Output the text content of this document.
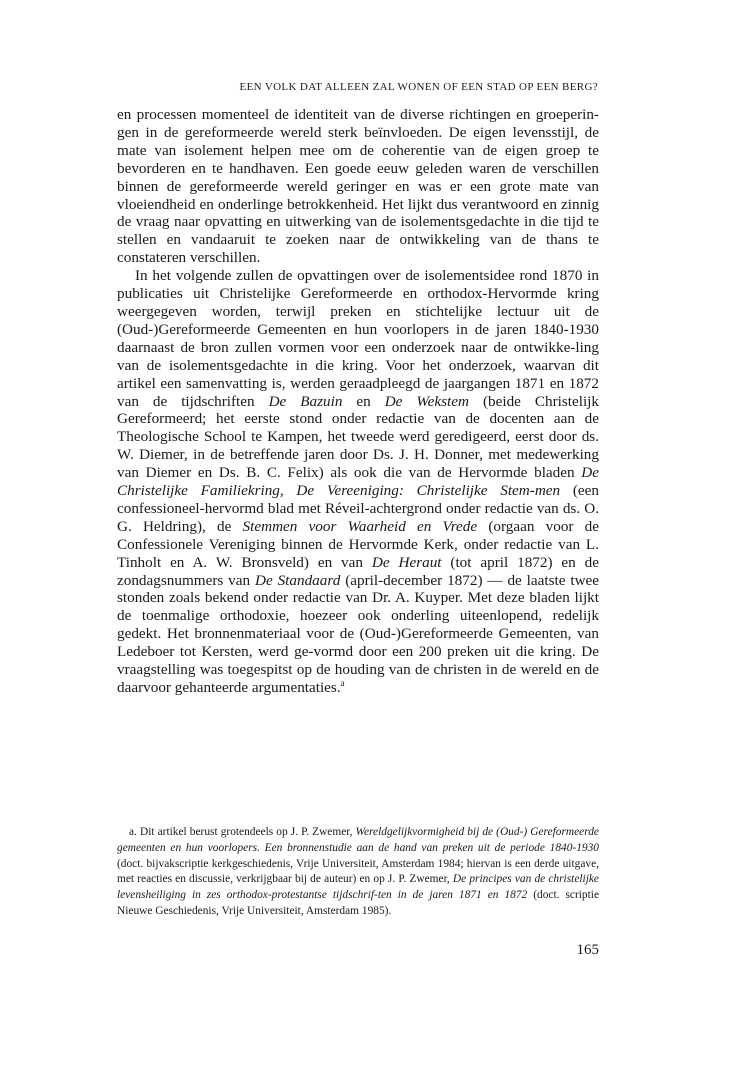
EEN VOLK DAT ALLEEN ZAL WONEN OF EEN STAD OP EEN BERG?

en processen momenteel de identiteit van de diverse richtingen en groeperin-gen in de gereformeerde wereld sterk beïnvloeden. De eigen levensstijl, de mate van isolement helpen mee om de coherentie van de eigen groep te bevorderen en te handhaven. Een goede eeuw geleden waren de verschillen binnen de gereformeerde wereld geringer en was er een grote mate van vloeiendheid en onderlinge betrokkenheid. Het lijkt dus verantwoord en zinnig de vraag naar opvatting en uitwerking van de isolementsgedachte in die tijd te stellen en vandaaruit te zoeken naar de ontwikkeling van de thans te constateren verschillen.

In het volgende zullen de opvattingen over de isolementsidee rond 1870 in publicaties uit Christelijke Gereformeerde en orthodox-Hervormde kring weergegeven worden, terwijl preken en stichtelijke lectuur uit de (Oud-)Gereformeerde Gemeenten en hun voorlopers in de jaren 1840-1930 daarnaast de bron zullen vormen voor een onderzoek naar de ontwikke-ling van de isolementsgedachte in die kring. Voor het onderzoek, waarvan dit artikel een samenvatting is, werden geraadpleegd de jaargangen 1871 en 1872 van de tijdschriften De Bazuin en De Wekstem (beide Christelijk Gereformeerd; het eerste stond onder redactie van de docenten aan de Theologische School te Kampen, het tweede werd geredigeerd, eerst door ds. W. Diemer, in de betreffende jaren door Ds. J. H. Donner, met medewerking van Diemer en Ds. B. C. Felix) als ook die van de Hervormde bladen De Christelijke Familiekring, De Vereeniging: Christelijke Stem-men (een confessioneel-hervormd blad met Réveil-achtergrond onder redactie van ds. O. G. Heldring), de Stemmen voor Waarheid en Vrede (orgaan voor de Confessionele Vereniging binnen de Hervormde Kerk, onder redactie van L. Tinholt en A. W. Bronsveld) en van De Heraut (tot april 1872) en de zondagsnummers van De Standaard (april-december 1872) — de laatste twee stonden zoals bekend onder redactie van Dr. A. Kuyper. Met deze bladen lijkt de toenmalige orthodoxie, hoezeer ook onderling uiteenlopend, redelijk gedekt. Het bronnenmateriaal voor de (Oud-)Gereformeerde Gemeenten, van Ledeboer tot Kersten, werd ge-vormd door een 200 preken uit die kring. De vraagstelling was toegespitst op de houding van de christen in de wereld en de daarvoor gehanteerde argumentaties.$^a$

a. Dit artikel berust grotendeels op J. P. Zwemer, Wereldgelijkvormigheid bij de (Oud-) Gereformeerde gemeenten en hun voorlopers. Een bronnenstudie aan de hand van preken uit de periode 1840-1930 (doct. bijvakscriptie kerkgeschiedenis, Vrije Universiteit, Amsterdam 1984; hiervan is een derde uitgave, met reacties en discussie, verkrijgbaar bij de auteur) en op J. P. Zwemer, De principes van de christelijke levensheiliging in zes orthodox-protestantse tijdschrif-ten in de jaren 1871 en 1872 (doct. scriptie Nieuwe Geschiedenis, Vrije Universiteit, Amsterdam 1985).

165
